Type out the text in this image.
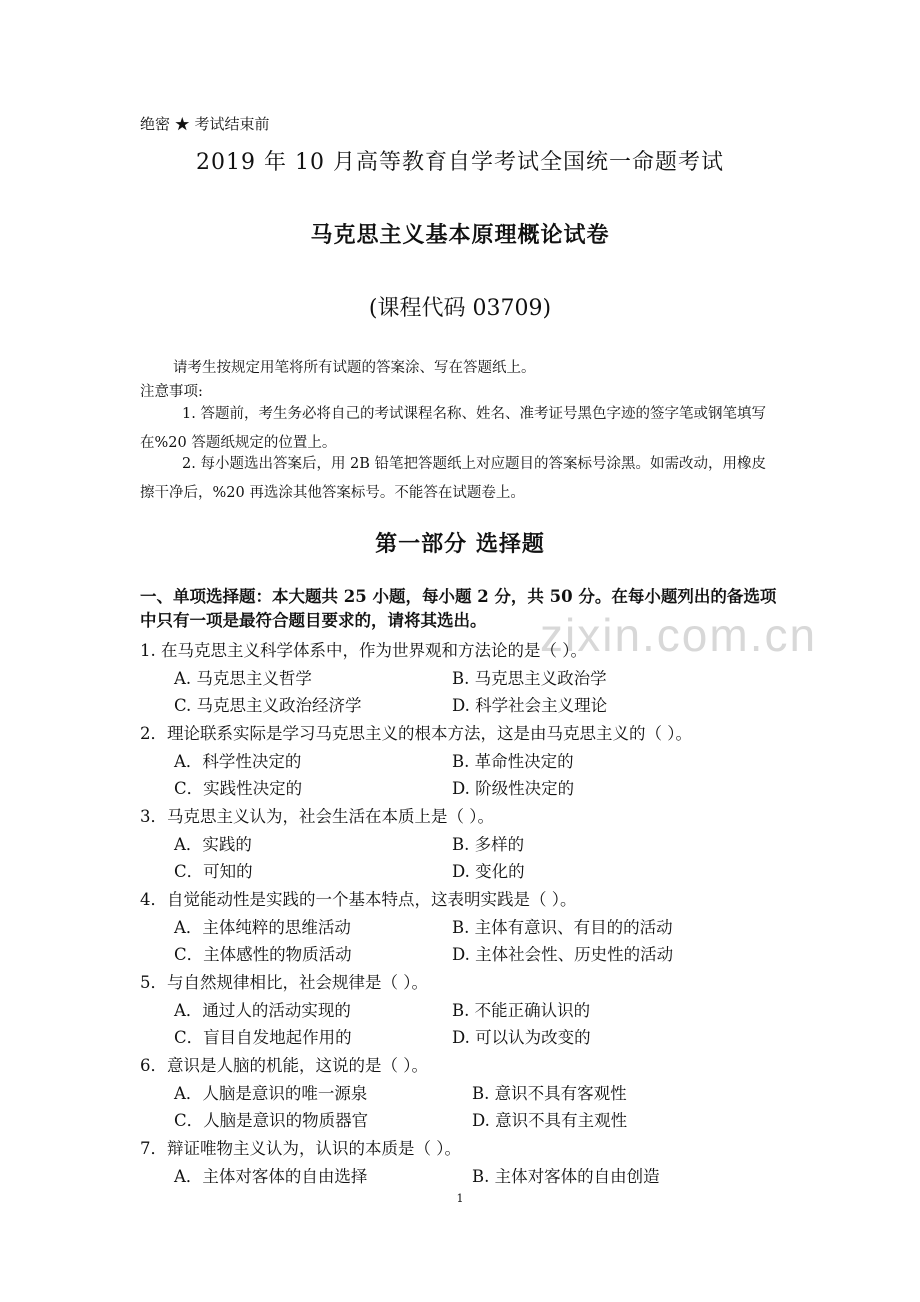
绝密 ★ 考试结束前
2019 年 10 月高等教育自学考试全国统一命题考试
马克思主义基本原理概论试卷
(课程代码 03709)
请考生按规定用笔将所有试题的答案涂、写在答题纸上。
注意事项:
1. 答题前，考生务必将自己的考试课程名称、姓名、准考证号黑色字迹的签字笔或钢笔填写在%20 答题纸规定的位置上。
2. 每小题选出答案后，用 2B 铅笔把答题纸上对应题目的答案标号涂黑。如需改动，用橡皮擦干净后，%20 再选涂其他答案标号。不能答在试题卷上。
第一部分 选择题
一、单项选择题：本大题共 25 小题，每小题 2 分，共 50 分。在每小题列出的备选项中只有一项是最符合题目要求的，请将其选出。	zixin.com.cn
1. 在马克思主义科学体系中，作为世界观和方法论的是（ ）。
A. 马克思主义哲学	B. 马克思主义政治学
C. 马克思主义政治经济学	D. 科学社会主义理论
2．理论联系实际是学习马克思主义的根本方法，这是由马克思主义的（ ）。
A．科学性决定的	B. 革命性决定的
C．实践性决定的	D. 阶级性决定的
3．马克思主义认为，社会生活在本质上是（ ）。
A．实践的	B. 多样的
C．可知的	D. 变化的
4．自觉能动性是实践的一个基本特点，这表明实践是（ ）。
A．主体纯粹的思维活动	B. 主体有意识、有目的的活动
C．主体感性的物质活动	D. 主体社会性、历史性的活动
5．与自然规律相比，社会规律是（ ）。
A．通过人的活动实现的	B. 不能正确认识的
C．盲目自发地起作用的	D. 可以认为改变的
6．意识是人脑的机能，这说的是（ ）。
A．人脑是意识的唯一源泉	B. 意识不具有客观性
C．人脑是意识的物质器官	D. 意识不具有主观性
7．辩证唯物主义认为，认识的本质是（ ）。
A．主体对客体的自由选择	B. 主体对客体的自由创造
1
